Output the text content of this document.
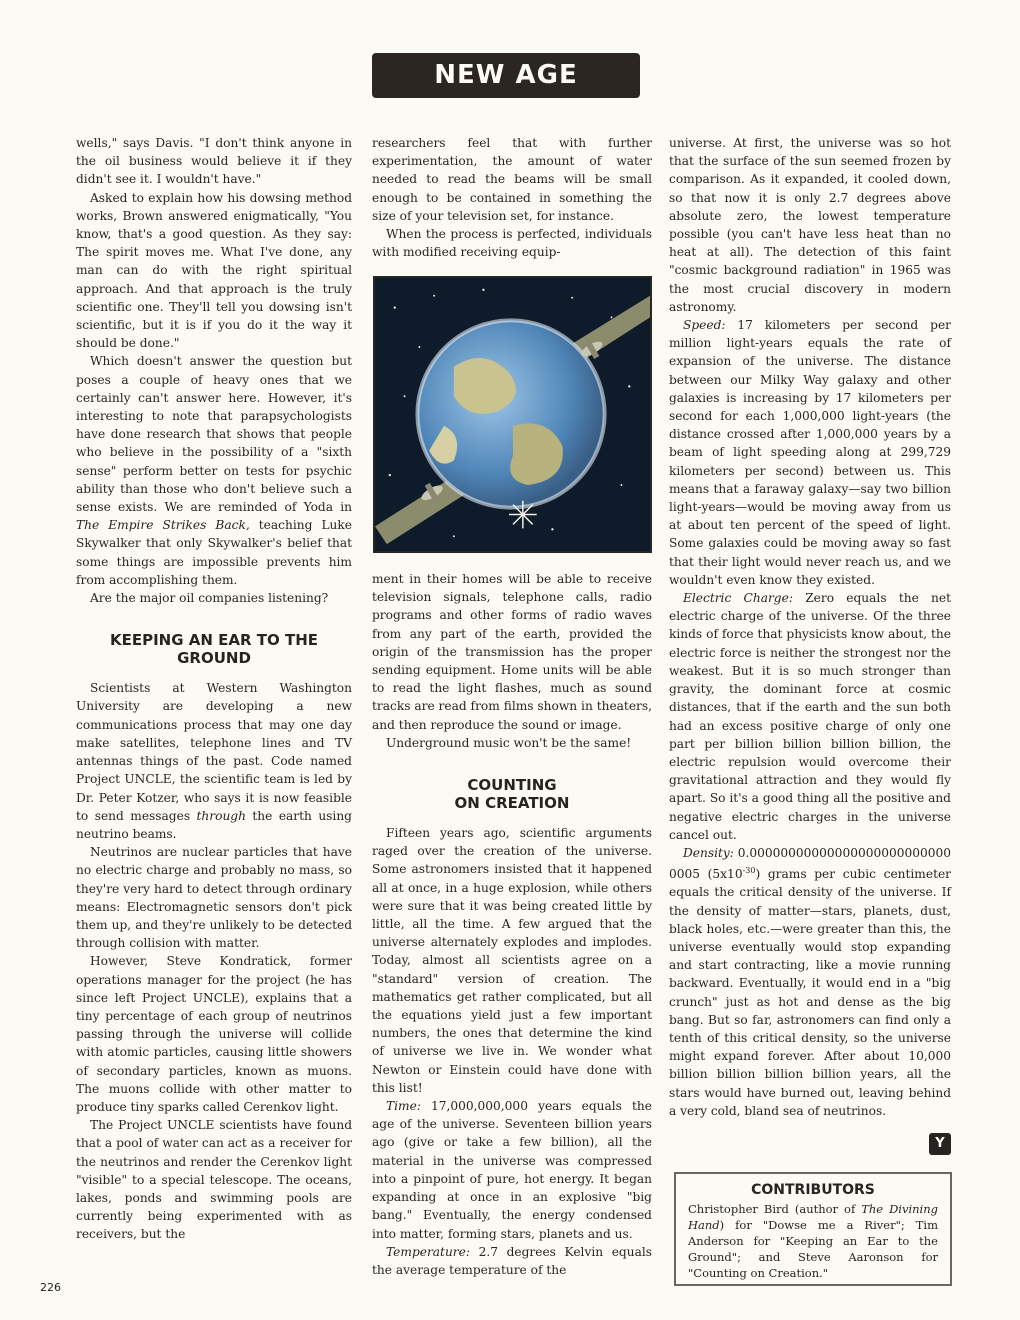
NEW AGE PRIMER

wells," says Davis. "I don't think anyone in the oil business would believe it if they didn't see it. I wouldn't have."

Asked to explain how his dowsing method works, Brown answered enigmatically, "You know, that's a good question. As they say: The spirit moves me. What I've done, any man can do with the right spiritual approach. And that approach is the truly scientific one. They'll tell you dowsing isn't scientific, but it is if you do it the way it should be done."

Which doesn't answer the question but poses a couple of heavy ones that we certainly can't answer here. However, it's interesting to note that parapsychologists have done research that shows that people who believe in the possibility of a "sixth sense" perform better on tests for psychic ability than those who don't believe such a sense exists. We are reminded of Yoda in The Empire Strikes Back, teaching Luke Skywalker that only Skywalker's belief that some things are impossible prevents him from accomplishing them.

Are the major oil companies listening?

KEEPING AN EAR TO THE
GROUND

Scientists at Western Washington University are developing a new communications process that may one day make satellites, telephone lines and TV antennas things of the past. Code named Project UNCLE, the scientific team is led by Dr. Peter Kotzer, who says it is now feasible to send messages through the earth using neutrino beams.

Neutrinos are nuclear particles that have no electric charge and probably no mass, so they're very hard to detect through ordinary means: Electromagnetic sensors don't pick them up, and they're unlikely to be detected through collision with matter.

However, Steve Kondratick, former operations manager for the project (he has since left Project UNCLE), explains that a tiny percentage of each group of neutrinos passing through the universe will collide with atomic particles, causing little showers of secondary particles, known as muons. The muons collide with other matter to produce tiny sparks called Cerenkov light.

The Project UNCLE scientists have found that a pool of water can act as a receiver for the neutrinos and render the Cerenkov light "visible" to a special telescope. The oceans, lakes, ponds and swimming pools are currently being experimented with as receivers, but the

researchers feel that with further experimentation, the amount of water needed to read the beams will be small enough to be contained in something the size of your television set, for instance.

When the process is perfected, individuals with modified receiving equip-

ment in their homes will be able to receive television signals, telephone calls, radio programs and other forms of radio waves from any part of the earth, provided the origin of the transmission has the proper sending equipment. Home units will be able to read the light flashes, much as sound tracks are read from films shown in theaters, and then reproduce the sound or image.

Underground music won't be the same!

COUNTING
ON CREATION

Fifteen years ago, scientific arguments raged over the creation of the universe. Some astronomers insisted that it happened all at once, in a huge explosion, while others were sure that it was being created little by little, all the time. A few argued that the universe alternately explodes and implodes. Today, almost all scientists agree on a "standard" version of creation. The mathematics get rather complicated, but all the equations yield just a few important numbers, the ones that determine the kind of universe we live in. We wonder what Newton or Einstein could have done with this list!

Time: 17,000,000,000 years equals the age of the universe. Seventeen billion years ago (give or take a few billion), all the material in the universe was compressed into a pinpoint of pure, hot energy. It began expanding at once in an explosive "big bang." Eventually, the energy condensed into matter, forming stars, planets and us.

Temperature: 2.7 degrees Kelvin equals the average temperature of the

universe. At first, the universe was so hot that the surface of the sun seemed frozen by comparison. As it expanded, it cooled down, so that now it is only 2.7 degrees above absolute zero, the lowest temperature possible (you can't have less heat than no heat at all). The detection of this faint "cosmic background radiation" in 1965 was the most crucial discovery in modern astronomy.

Speed: 17 kilometers per second per million light-years equals the rate of expansion of the universe. The distance between our Milky Way galaxy and other galaxies is increasing by 17 kilometers per second for each 1,000,000 light-years (the distance crossed after 1,000,000 years by a beam of light speeding along at 299,729 kilometers per second) between us. This means that a faraway galaxy—say two billion light-years—would be moving away from us at about ten percent of the speed of light. Some galaxies could be moving away so fast that their light would never reach us, and we wouldn't even know they existed.

Electric Charge: Zero equals the net electric charge of the universe. Of the three kinds of force that physicists know about, the electric force is neither the strongest nor the weakest. But it is so much stronger than gravity, the dominant force at cosmic distances, that if the earth and the sun both had an excess positive charge of only one part per billion billion billion billion, the electric repulsion would overcome their gravitational attraction and they would fly apart. So it's a good thing all the positive and negative electric charges in the universe cancel out.

Density: 0.000000000000000000000000000005 $(5x10^{-30})$ grams per cubic centimeter equals the critical density of the universe. If the density of matter—stars, planets, dust, black holes, etc.—were greater than this, the universe eventually would stop expanding and start contracting, like a movie running backward. Eventually, it would end in a "big crunch" just as hot and dense as the big bang. But so far, astronomers can find only a tenth of this critical density, so the universe might expand forever. After about 10,000 billion billion billion billion years, all the stars would have burned out, leaving behind a very cold, bland sea of neutrinos.

Y
CONTRIBUTORS
Christopher Bird (author of The Divining Hand) for "Dowse me a River"; Tim Anderson for "Keeping an Ear to the Ground"; and Steve Aaronson for "Counting on Creation."
226
